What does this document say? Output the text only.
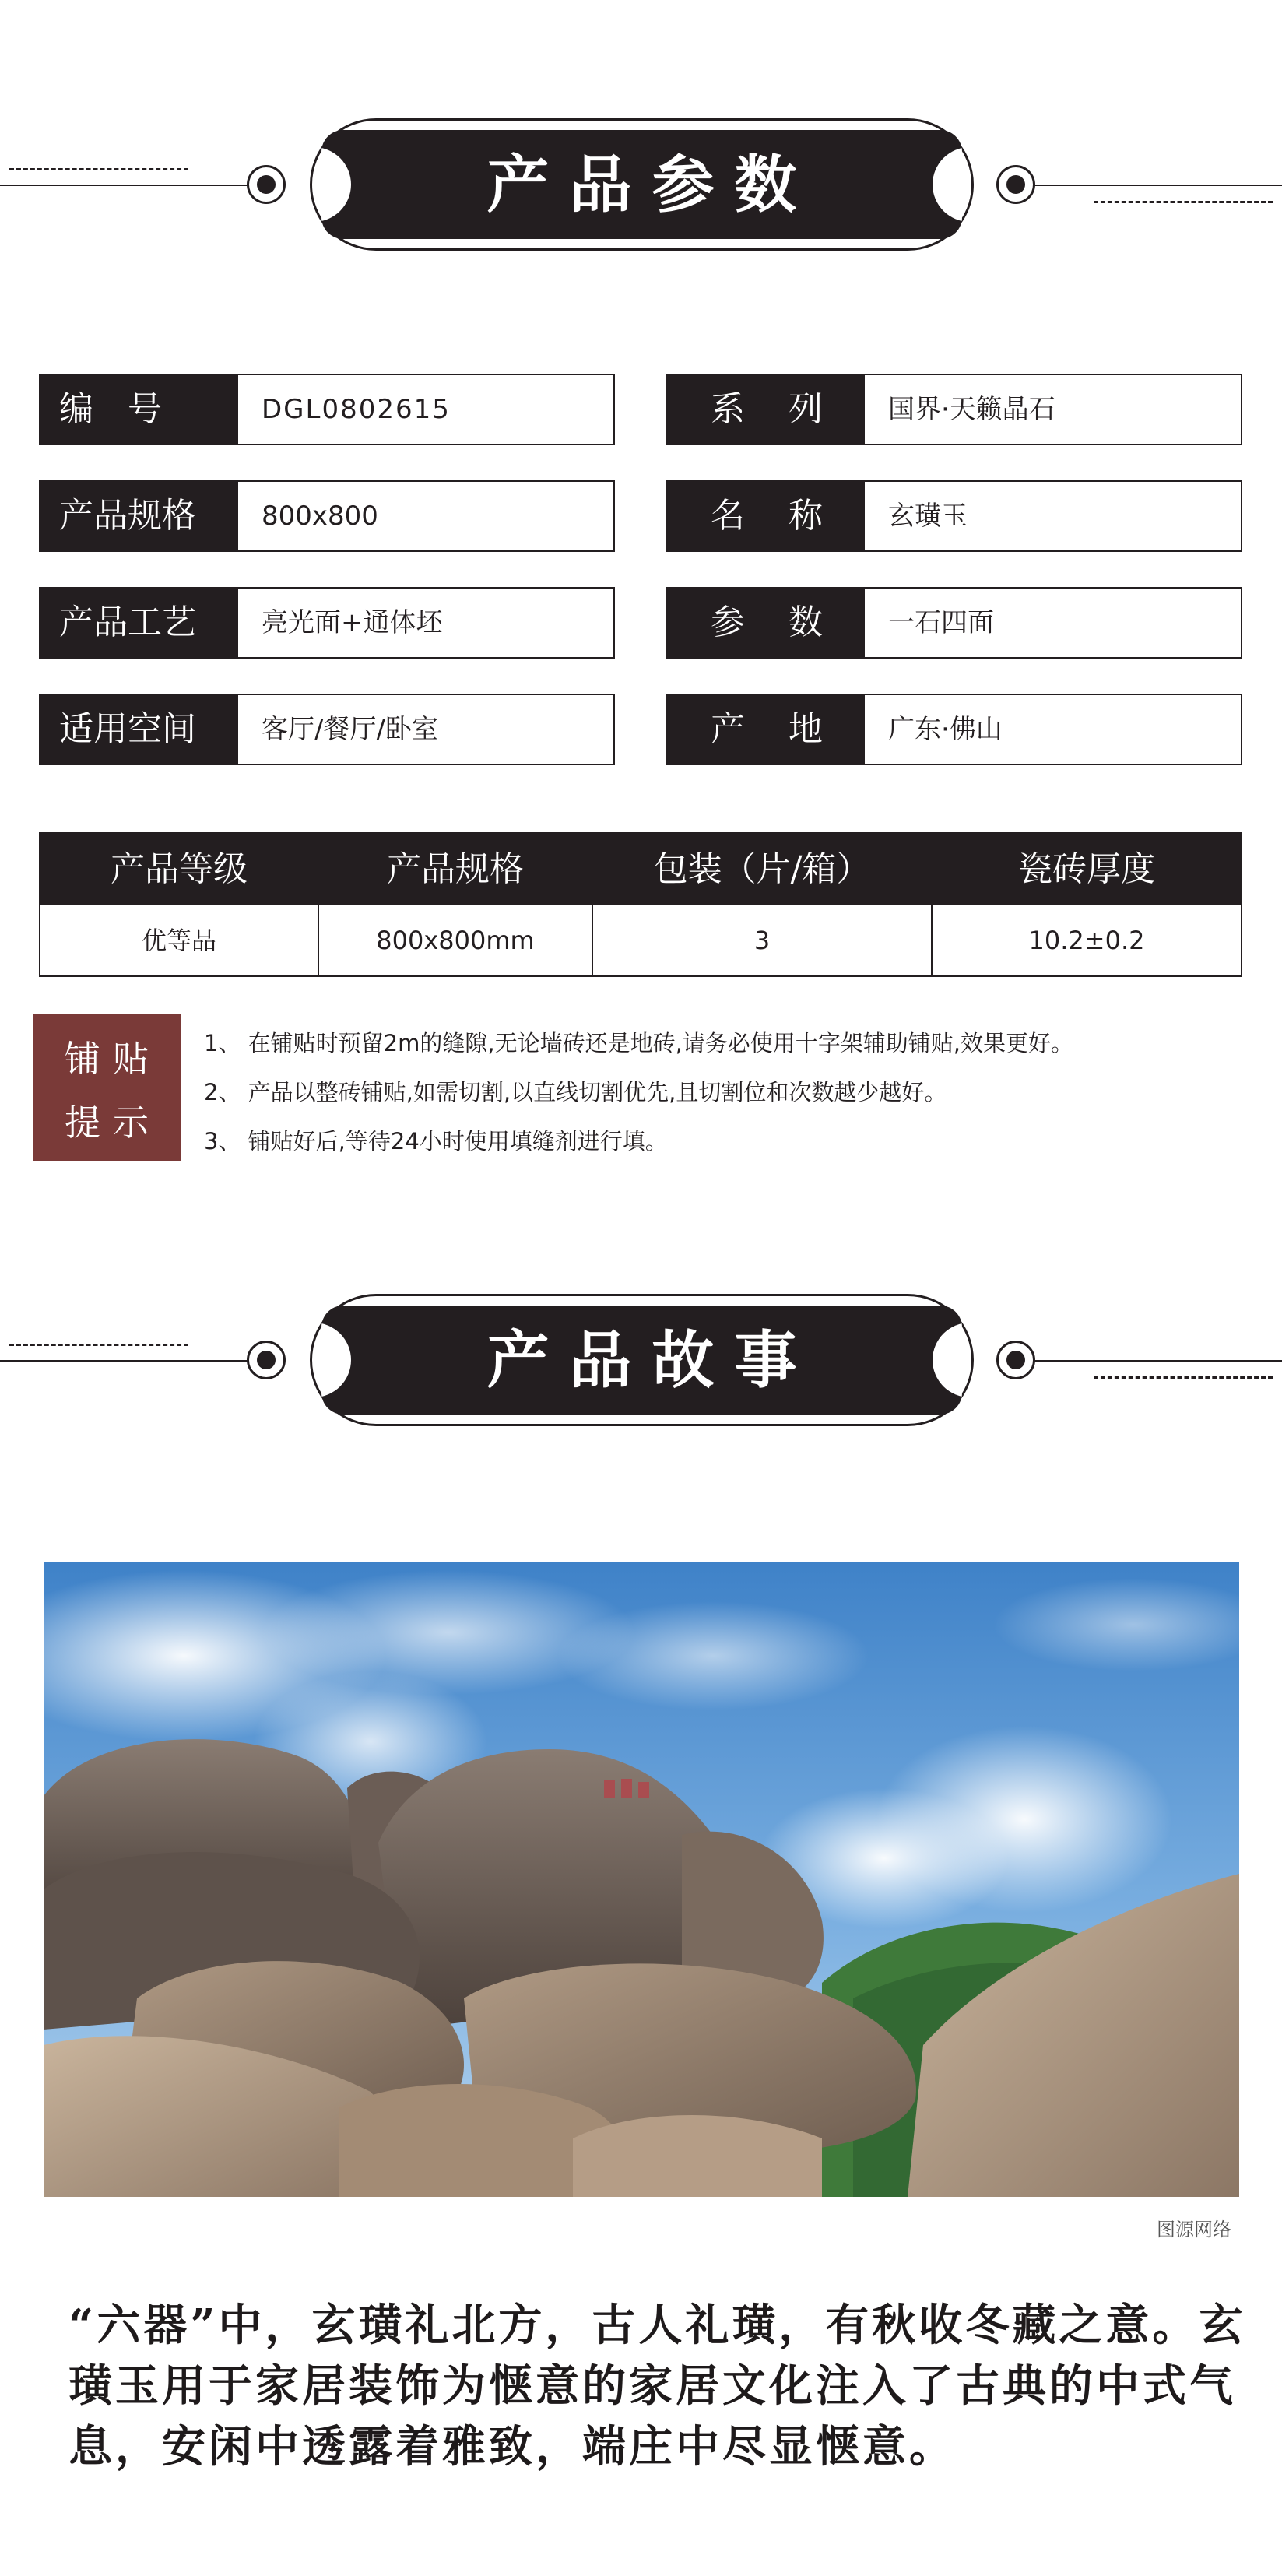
产品参数
编　号	DGL0802615
产品规格	800x800
产品工艺	亮光面+通体坯
适用空间	客厅/餐厅/卧室
系列 国界·天籁晶石
名称 玄璜玉
参数 一石四面
产地 广东·佛山
产品等级	产品规格	包装（片/箱）	瓷砖厚度
优等品	800x800mm	3	10.2±0.2
铺贴
提示
1、 在铺贴时预留2m的缝隙,无论墙砖还是地砖,请务必使用十字架辅助铺贴,效果更好。
2、 产品以整砖铺贴,如需切割,以直线切割优先,且切割位和次数越少越好。
3、 铺贴好后,等待24小时使用填缝剂进行填。
产品故事
图源网络
“六器”中，玄璜礼北方，古人礼璜，有秋收冬藏之意。玄璜玉用于家居装饰为惬意的家居文化注入了古典的中式气息，安闲中透露着雅致，端庄中尽显惬意。
